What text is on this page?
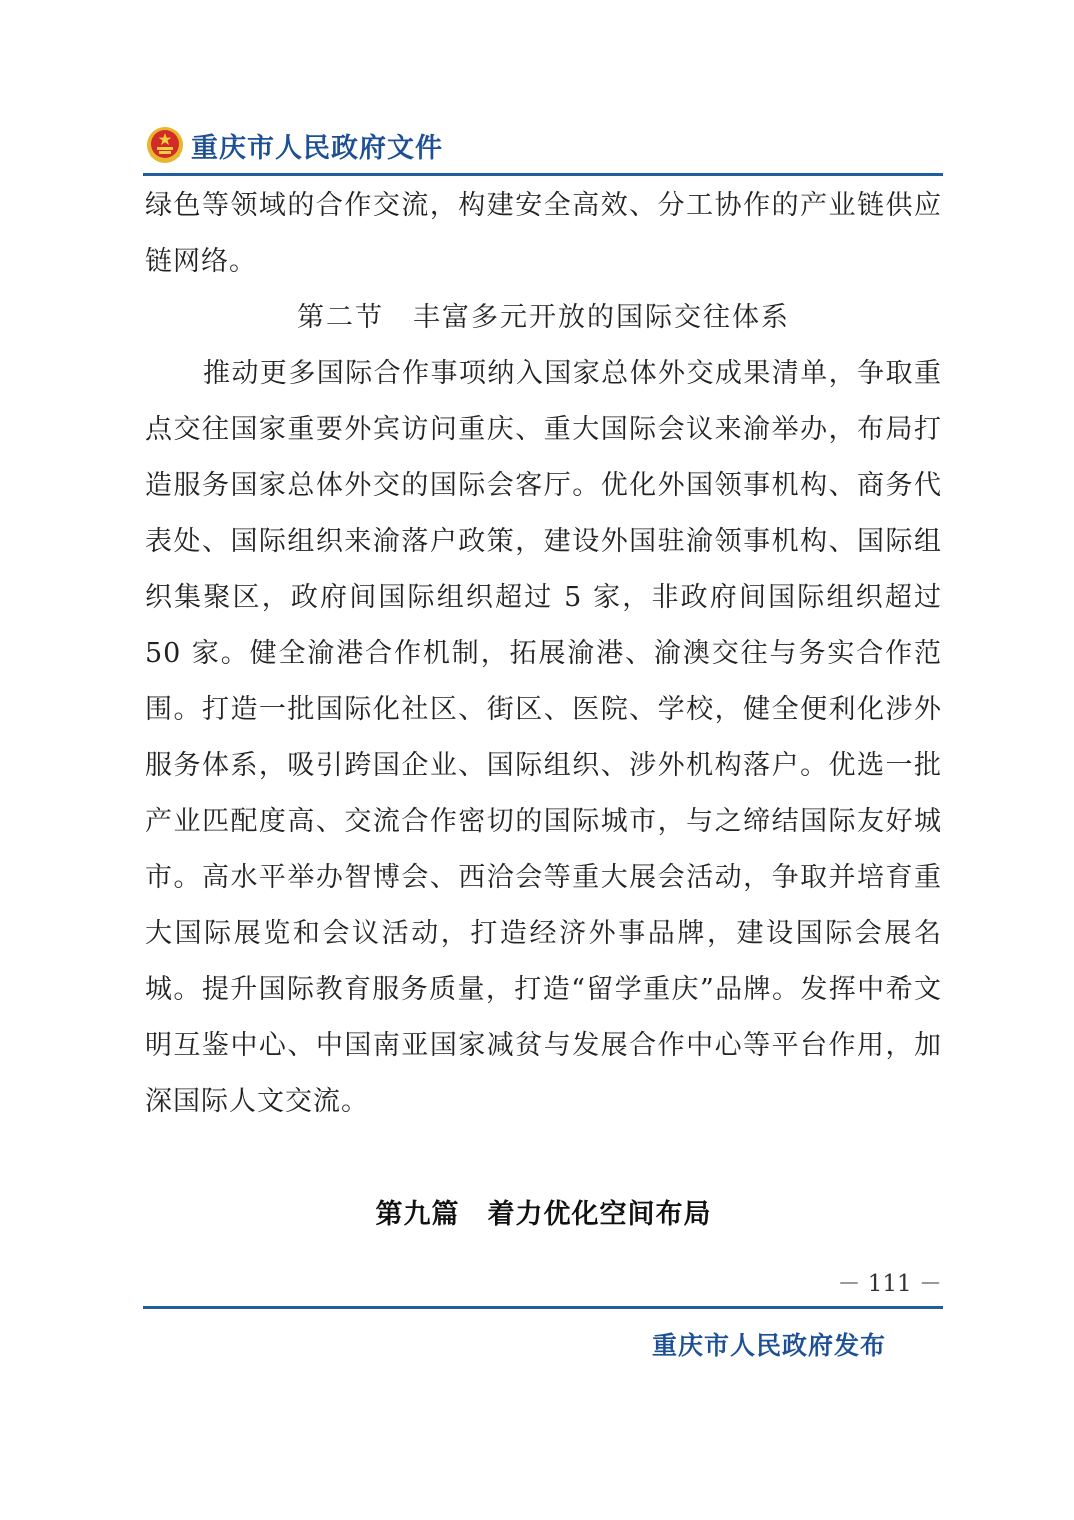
重庆市人民政府文件

绿色等领域的合作交流，构建安全高效、分工协作的产业链供应链网络。

第二节　丰富多元开放的国际交往体系

推动更多国际合作事项纳入国家总体外交成果清单，争取重点交往国家重要外宾访问重庆、重大国际会议来渝举办，布局打造服务国家总体外交的国际会客厅。优化外国领事机构、商务代表处、国际组织来渝落户政策，建设外国驻渝领事机构、国际组织集聚区，政府间国际组织超过 5 家，非政府间国际组织超过 50 家。健全渝港合作机制，拓展渝港、渝澳交往与务实合作范围。打造一批国际化社区、街区、医院、学校，健全便利化涉外服务体系，吸引跨国企业、国际组织、涉外机构落户。优选一批产业匹配度高、交流合作密切的国际城市，与之缔结国际友好城市。高水平举办智博会、西洽会等重大展会活动，争取并培育重大国际展览和会议活动，打造经济外事品牌，建设国际会展名城。提升国际教育服务质量，打造“留学重庆”品牌。发挥中希文明互鉴中心、中国南亚国家减贫与发展合作中心等平台作用，加深国际人文交流。

第九篇　着力优化空间布局
－ 111 －
重庆市人民政府发布
